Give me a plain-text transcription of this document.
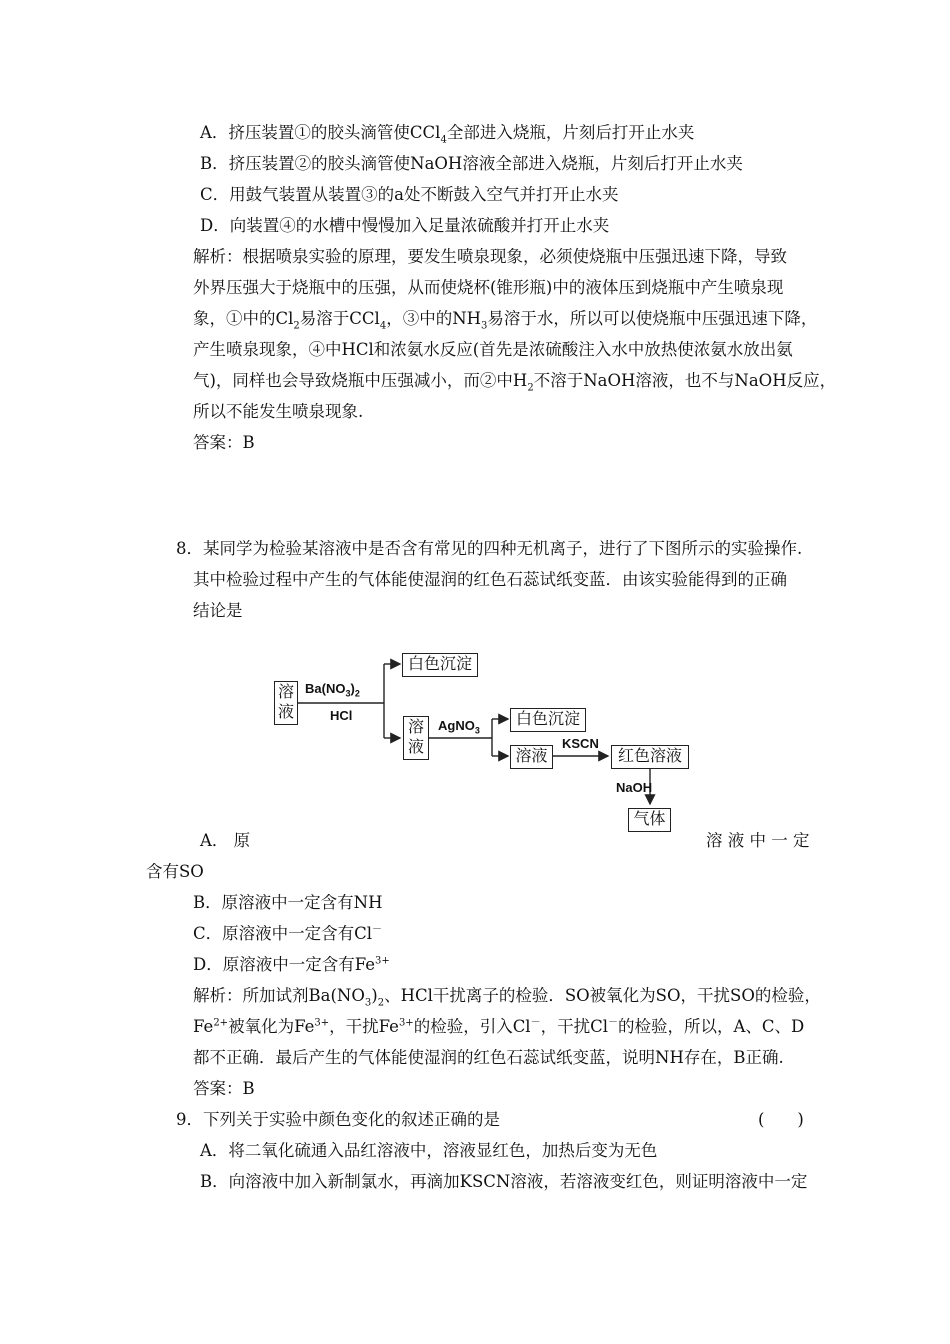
A．挤压装置①的胶头滴管使CCl$_4$全部进入烧瓶，片刻后打开止水夹
B．挤压装置②的胶头滴管使NaOH溶液全部进入烧瓶，片刻后打开止水夹
C．用鼓气装置从装置③的a处不断鼓入空气并打开止水夹
D．向装置④的水槽中慢慢加入足量浓硫酸并打开止水夹
解析：根据喷泉实验的原理，要发生喷泉现象，必须使烧瓶中压强迅速下降，导致
外界压强大于烧瓶中的压强，从而使烧杯(锥形瓶)中的液体压到烧瓶中产生喷泉现
象，①中的$Cl_2$易溶于CCl$_4$，③中的$NH_3$易溶于水，所以可以使烧瓶中压强迅速下降，
产生喷泉现象，④中HCl和浓氨水反应(首先是浓硫酸注入水中放热使浓氨水放出氨
气)，同样也会导致烧瓶中压强减小，而②中$H_2$不溶于NaOH溶液，也不与NaOH反应，
所以不能发生喷泉现象.
答案：B
8．某同学为检验某溶液中是否含有常见的四种无机离子，进行了下图所示的实验操作.
其中检验过程中产生的气体能使湿润的红色石蕊试纸变蓝．由该实验能得到的正确
结论是
溶
液
$Ba(NO_3)_2$
HCl
白色沉淀
溶
液
AgNO$_3$
白色沉淀
溶液
KSCN
红色溶液
NaOH
气体
A． 原	溶 液 中 一 定
含有SO
B．原溶液中一定含有NH
C．原溶液中一定含有Cl－
D．原溶液中一定含有$Fe^{3+}$
解析：所加试剂$Ba(NO_3)_2$、HCl干扰离子的检验．SO被氧化为SO，干扰SO的检验，
$Fe^{2+}$被氧化为$Fe^{3+}$，干扰$Fe^{3+}$的检验，引入Cl－，干扰Cl－的检验，所以，A、C、D
都不正确．最后产生的气体能使湿润的红色石蕊试纸变蓝，说明NH存在，B正确.
答案：B
9．下列关于实验中颜色变化的叙述正确的是	(　　)
A．将二氧化硫通入品红溶液中，溶液显红色，加热后变为无色
B．向溶液中加入新制氯水，再滴加KSCN溶液，若溶液变红色，则证明溶液中一定
